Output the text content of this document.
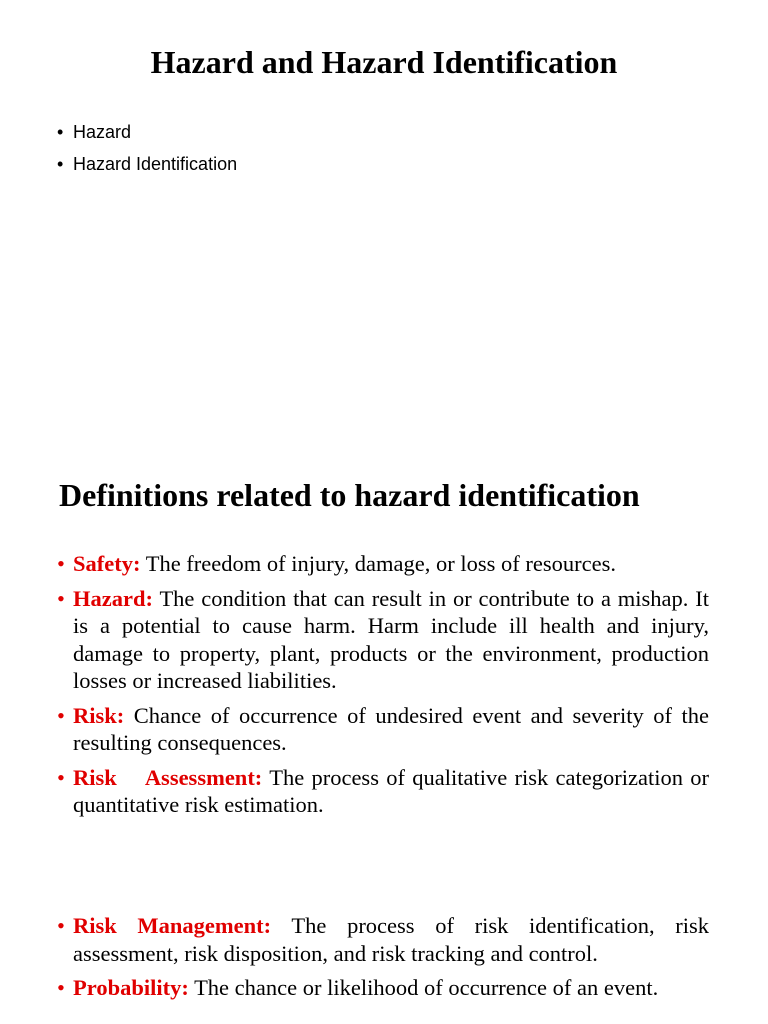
Hazard and Hazard Identification
• Hazard
• Hazard Identification
Definitions related to hazard identification
• Safety: The freedom of injury, damage, or loss of resources.
• Hazard: The condition that can result in or contribute to a mishap. It is a potential to cause harm. Harm include ill health and injury, damage to property, plant, products or the environment, production losses or increased liabilities.
• Risk: Chance of occurrence of undesired event and severity of the resulting consequences.
• Risk Assessment: The process of qualitative risk categorization or quantitative risk estimation.
• Risk Management: The process of risk identification, risk assessment, risk disposition, and risk tracking and control.
• Probability: The chance or likelihood of occurrence of an event.
